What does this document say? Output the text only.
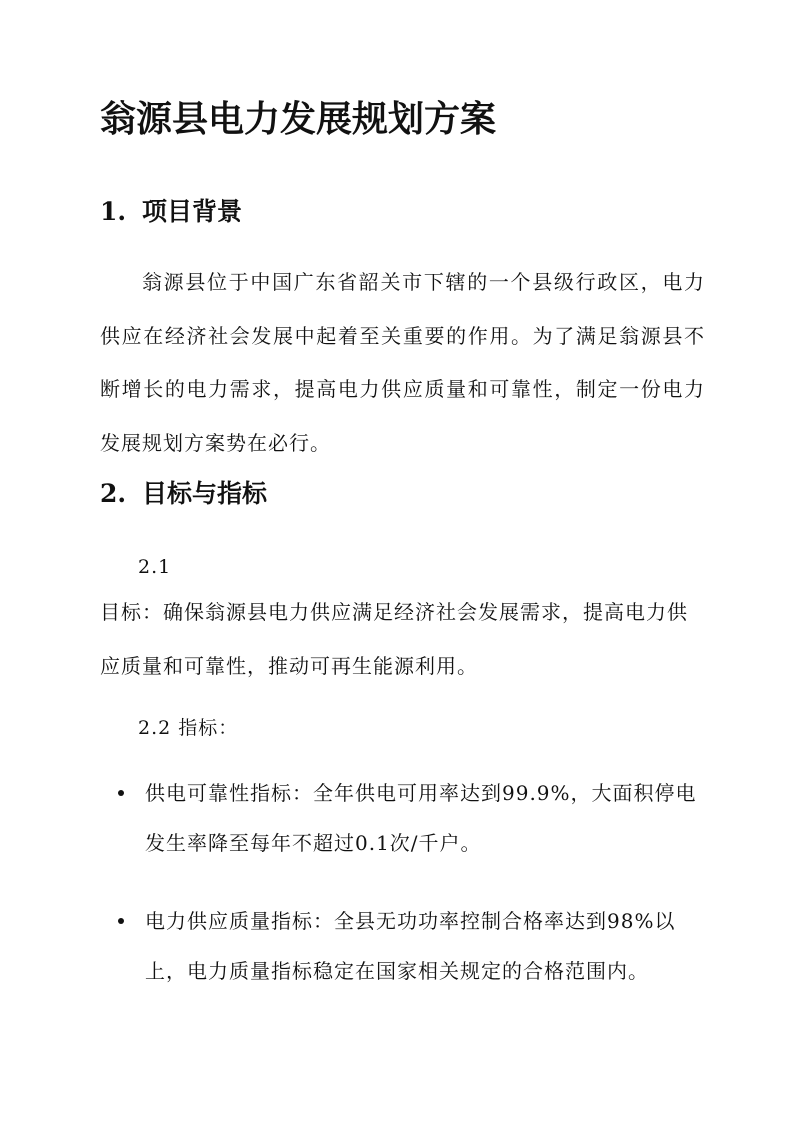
翁源县电力发展规划方案
1. 项目背景

翁源县位于中国广东省韶关市下辖的一个县级行政区，电力供应在经济社会发展中起着至关重要的作用。为了满足翁源县不断增长的电力需求，提高电力供应质量和可靠性，制定一份电力发展规划方案势在必行。

2. 目标与指标

2.1

目标：确保翁源县电力供应满足经济社会发展需求，提高电力供应质量和可靠性，推动可再生能源利用。

2.2 指标：

供电可靠性指标：全年供电可用率达到99.9%，大面积停电发生率降至每年不超过0.1次/千户。
电力供应质量指标：全县无功功率控制合格率达到98%以上，电力质量指标稳定在国家相关规定的合格范围内。
